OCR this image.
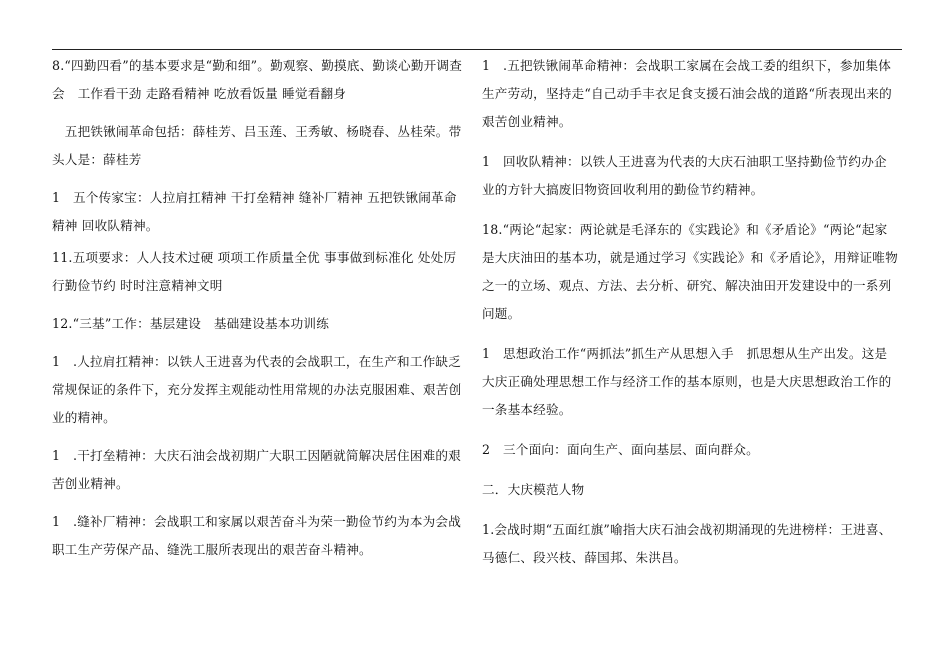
8.“四勤四看”的基本要求是“勤和细”。勤观察、勤摸底、勤谈心勤开调查会　工作看干劲 走路看精神 吃放看饭量 睡觉看翻身

　五把铁锹闹革命包括：薛桂芳、吕玉莲、王秀敏、杨晓春、丛桂荣。带头人是：薛桂芳

1　五个传家宝：人拉肩扛精神 干打垒精神 缝补厂精神 五把铁锹闹革命精神 回收队精神。

11.五项要求：人人技术过硬 项项工作质量全优 事事做到标准化 处处厉行勤俭节约 时时注意精神文明

12.“三基”工作：基层建设　基础建设基本功训练

1　.人拉肩扛精神：以铁人王进喜为代表的会战职工，在生产和工作缺乏常规保证的条件下，充分发挥主观能动性用常规的办法克服困难、艰苦创业的精神。

1　.干打垒精神：大庆石油会战初期广大职工因陋就简解决居住困难的艰苦创业精神。

1　.缝补厂精神：会战职工和家属以艰苦奋斗为荣一勤俭节约为本为会战职工生产劳保产品、缝洗工服所表现出的艰苦奋斗精神。

1　.五把铁锹闹革命精神：会战职工家属在会战工委的组织下，参加集体生产劳动，坚持走“自己动手丰衣足食支援石油会战的道路“所表现出来的艰苦创业精神。

1　回收队精神：以铁人王进喜为代表的大庆石油职工坚持勤俭节约办企业的方针大搞废旧物资回收利用的勤俭节约精神。

18.“两论“起家：两论就是毛泽东的《实践论》和《矛盾论》“两论“起家是大庆油田的基本功，就是通过学习《实践论》和《矛盾论》，用辩证唯物之一的立场、观点、方法、去分析、研究、解决油田开发建设中的一系列问题。

1　思想政治工作“两抓法”抓生产从思想入手　抓思想从生产出发。这是大庆正确处理思想工作与经济工作的基本原则，也是大庆思想政治工作的一条基本经验。

2　三个面向：面向生产、面向基层、面向群众。

二．大庆模范人物

1.会战时期“五面红旗”喻指大庆石油会战初期涌现的先进榜样：王进喜、马德仁、段兴枝、薛国邦、朱洪昌。
